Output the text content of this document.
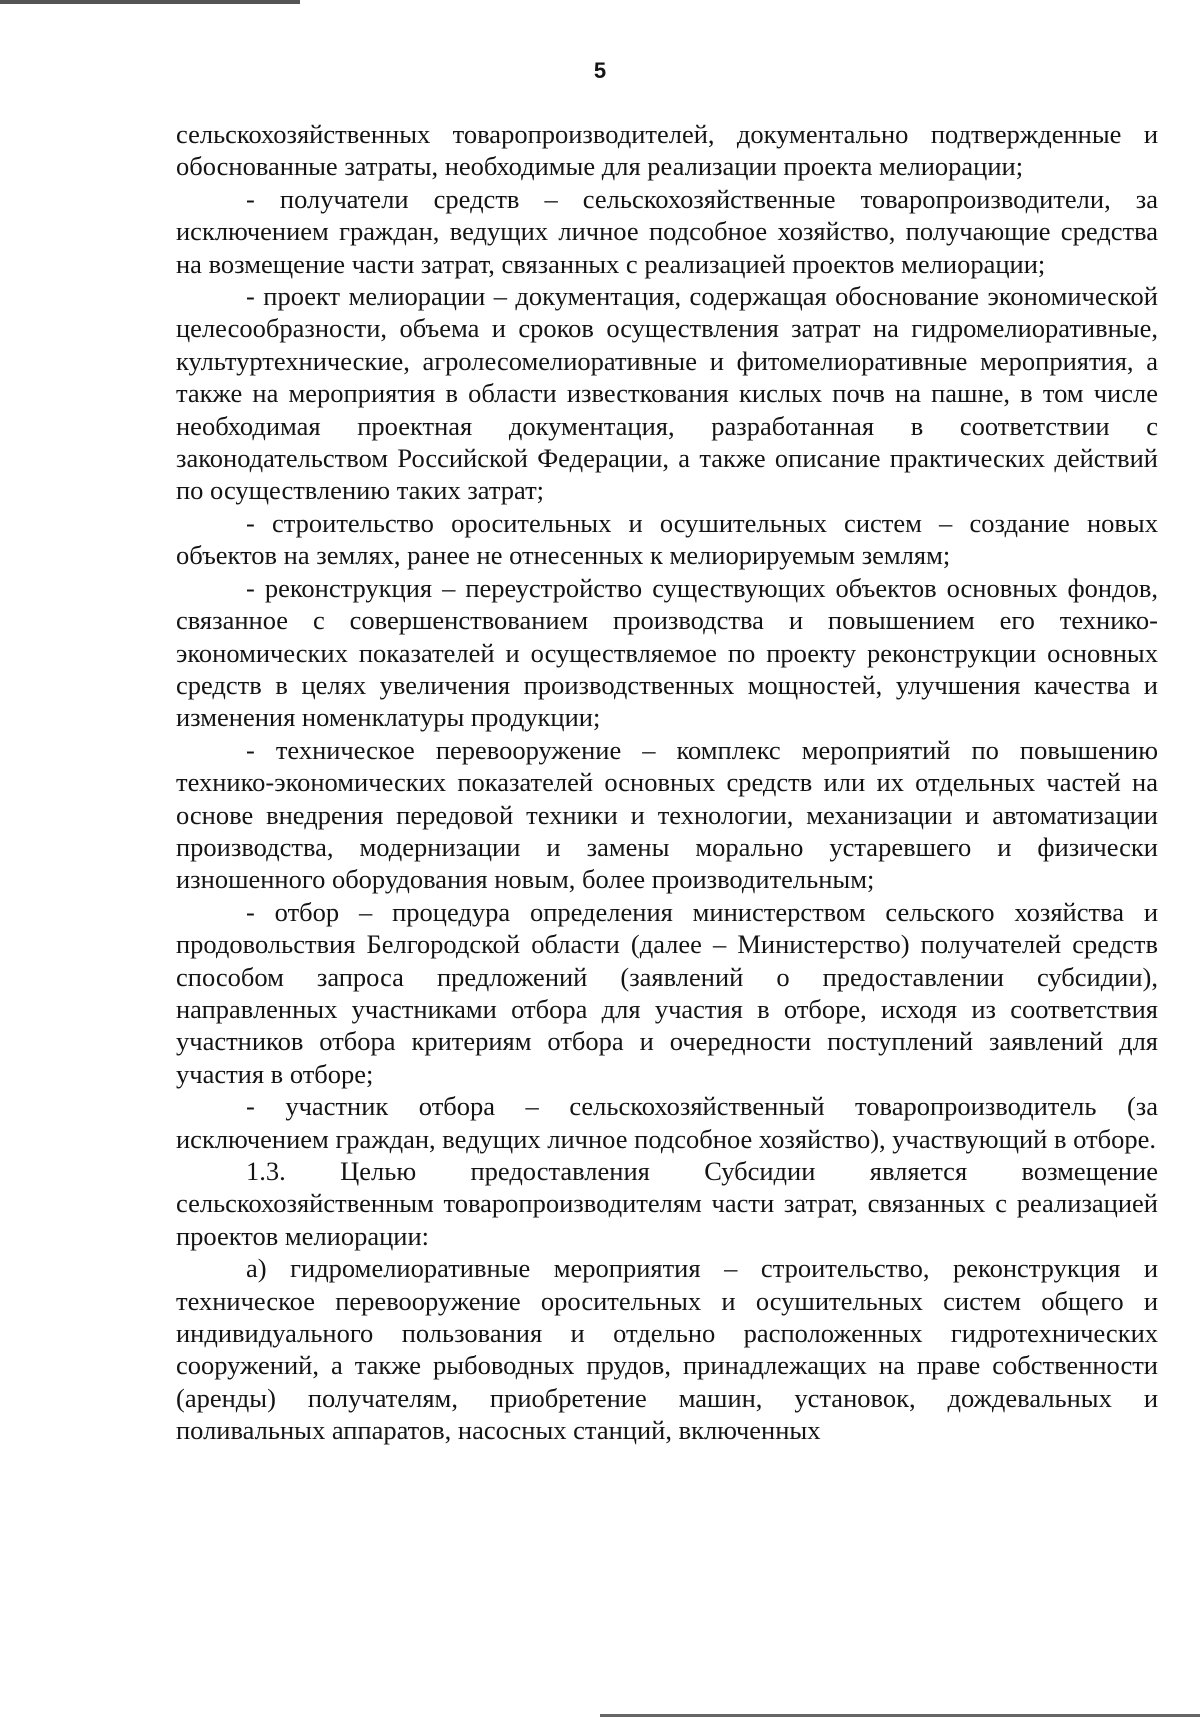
5

сельскохозяйственных товаропроизводителей, документально подтвержденные и обоснованные затраты, необходимые для реализации проекта мелиорации;

- получатели средств – сельскохозяйственные товаропроизводители, за исключением граждан, ведущих личное подсобное хозяйство, получающие средства на возмещение части затрат, связанных с реализацией проектов мелиорации;

- проект мелиорации – документация, содержащая обоснование экономической целесообразности, объема и сроков осуществления затрат на гидромелиоративные, культуртехнические, агролесомелиоративные и фитомелиоративные мероприятия, а также на мероприятия в области известкования кислых почв на пашне, в том числе необходимая проектная документация, разработанная в соответствии с законодательством Российской Федерации, а также описание практических действий по осуществлению таких затрат;

- строительство оросительных и осушительных систем – создание новых объектов на землях, ранее не отнесенных к мелиорируемым землям;

- реконструкция – переустройство существующих объектов основных фондов, связанное с совершенствованием производства и повышением его технико-экономических показателей и осуществляемое по проекту реконструкции основных средств в целях увеличения производственных мощностей, улучшения качества и изменения номенклатуры продукции;

- техническое перевооружение – комплекс мероприятий по повышению технико-экономических показателей основных средств или их отдельных частей на основе внедрения передовой техники и технологии, механизации и автоматизации производства, модернизации и замены морально устаревшего и физически изношенного оборудования новым, более производительным;

- отбор – процедура определения министерством сельского хозяйства и продовольствия Белгородской области (далее – Министерство) получателей средств способом запроса предложений (заявлений о предоставлении субсидии), направленных участниками отбора для участия в отборе, исходя из соответствия участников отбора критериям отбора и очередности поступлений заявлений для участия в отборе;

- участник отбора – сельскохозяйственный товаропроизводитель (за исключением граждан, ведущих личное подсобное хозяйство), участвующий в отборе.

1.3. Целью предоставления Субсидии является возмещение сельскохозяйственным товаропроизводителям части затрат, связанных с реализацией проектов мелиорации:

а) гидромелиоративные мероприятия – строительство, реконструкция и техническое перевооружение оросительных и осушительных систем общего и индивидуального пользования и отдельно расположенных гидротехнических сооружений, а также рыбоводных прудов, принадлежащих на праве собственности (аренды) получателям, приобретение машин, установок, дождевальных и поливальных аппаратов, насосных станций, включенных
